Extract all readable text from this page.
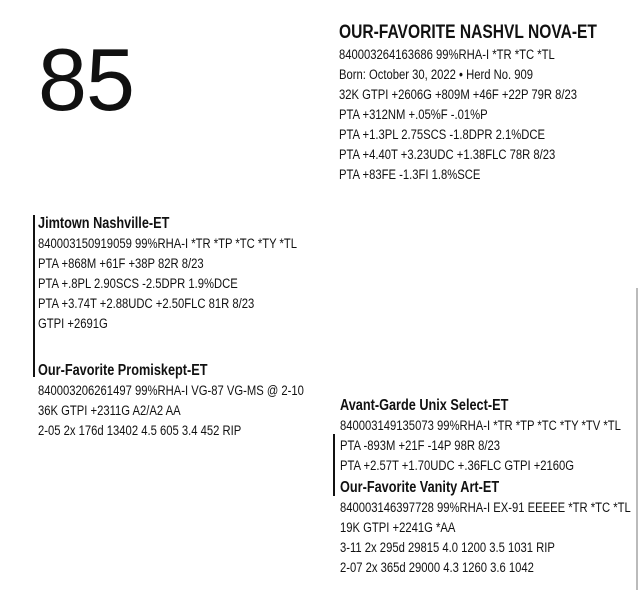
85	OUR-FAVORITE NASHVL NOVA-ET
840003264163686 99%RHA-I *TR *TC *TL
Born: October 30, 2022 • Herd No. 909
32K GTPI +2606G +809M +46F +22P 79R 8/23
PTA +312NM +.05%F -.01%P
PTA +1.3PL 2.75SCS -1.8DPR 2.1%DCE
PTA +4.40T +3.23UDC +1.38FLC 78R 8/23
PTA +83FE -1.3FI 1.8%SCE
Jimtown Nashville-ET
840003150919059 99%RHA-I *TR *TP *TC *TY *TL
PTA +868M +61F +38P 82R 8/23
PTA +.8PL 2.90SCS -2.5DPR 1.9%DCE
PTA +3.74T +2.88UDC +2.50FLC 81R 8/23
GTPI +2691G
Our-Favorite Promiskept-ET
840003206261497 99%RHA-I VG-87 VG-MS @ 2-10
36K GTPI +2311G A2/A2 AA
2-05 2x 176d 13402 4.5 605 3.4 452 RIP
Avant-Garde Unix Select-ET
840003149135073 99%RHA-I *TR *TP *TC *TY *TV *TL
PTA -893M +21F -14P 98R 8/23
PTA +2.57T +1.70UDC +.36FLC GTPI +2160G
Our-Favorite Vanity Art-ET
840003146397728 99%RHA-I EX-91 EEEEE *TR *TC *TL
19K GTPI +2241G *AA
3-11 2x 295d 29815 4.0 1200 3.5 1031 RIP
2-07 2x 365d 29000 4.3 1260 3.6 1042
